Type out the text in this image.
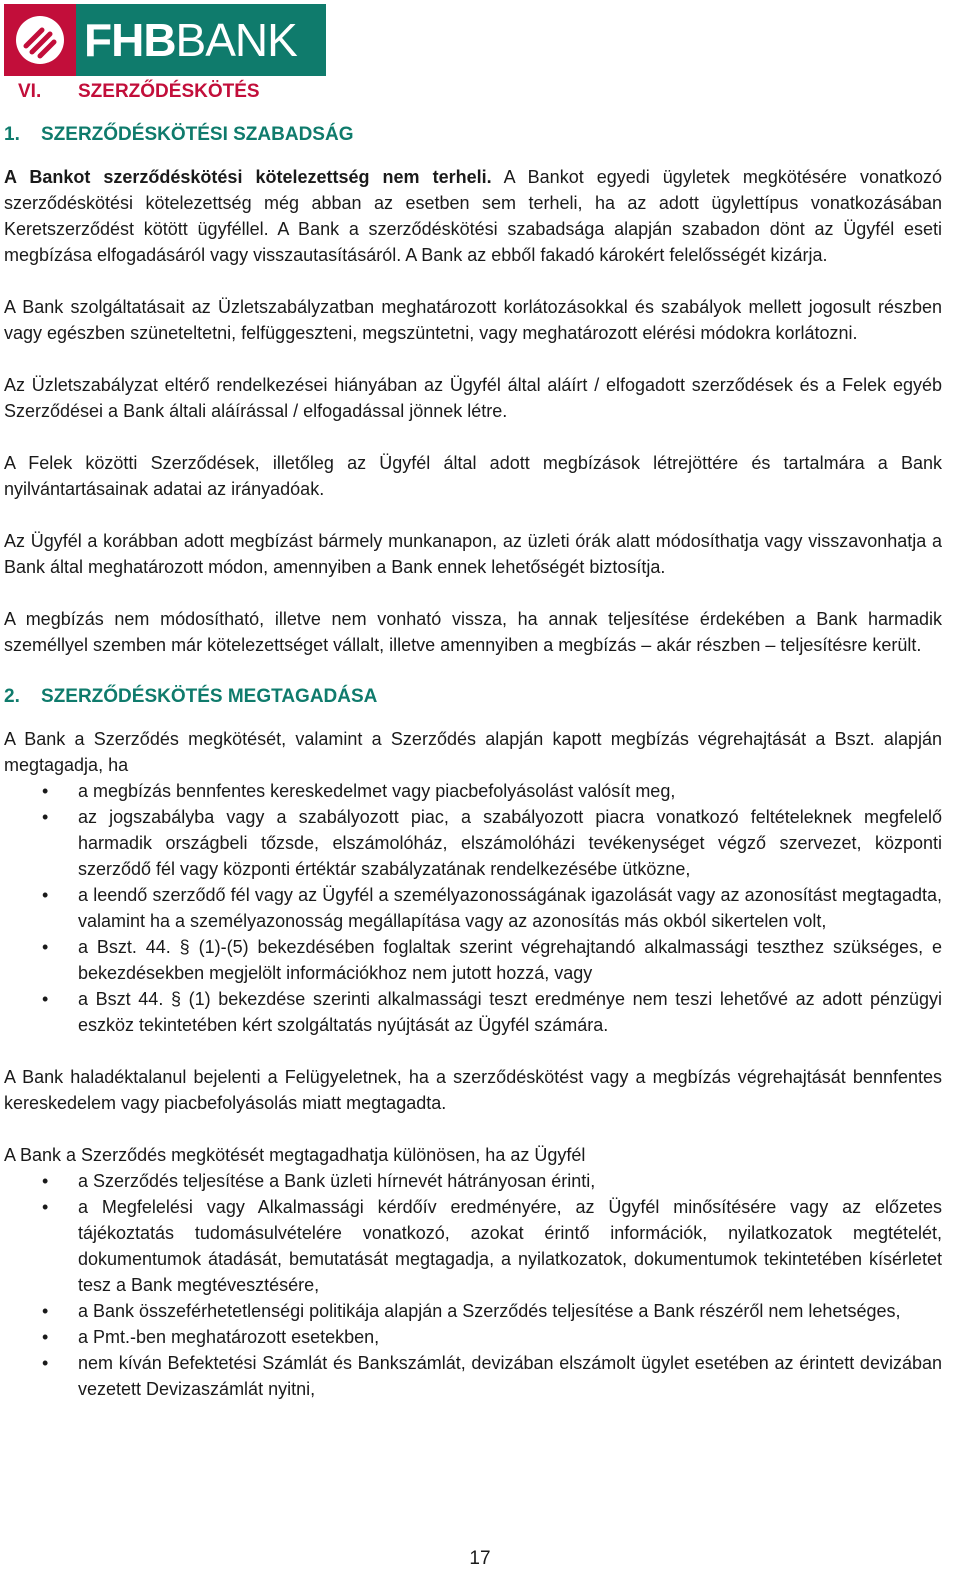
FHBBANK
VI.	SZERZŐDÉSKÖTÉS
1.	SZERZŐDÉSKÖTÉSI SZABADSÁG

A Bankot szerződéskötési kötelezettség nem terheli. A Bankot egyedi ügyletek megkötésére vonatkozó szerződéskötési kötelezettség még abban az esetben sem terheli, ha az adott ügylettípus vonatkozásában Keretszerződést kötött ügyféllel. A Bank a szerződéskötési szabadsága alapján szabadon dönt az Ügyfél eseti megbízása elfogadásáról vagy visszautasításáról. A Bank az ebből fakadó károkért felelősségét kizárja.

A Bank szolgáltatásait az Üzletszabályzatban meghatározott korlátozásokkal és szabályok mellett jogosult részben vagy egészben szüneteltetni, felfüggeszteni, megszüntetni, vagy meghatározott elérési módokra korlátozni.

Az Üzletszabályzat eltérő rendelkezései hiányában az Ügyfél által aláírt / elfogadott szerződések és a Felek egyéb Szerződései a Bank általi aláírással / elfogadással jönnek létre.

A Felek közötti Szerződések, illetőleg az Ügyfél által adott megbízások létrejöttére és tartalmára a Bank nyilvántartásainak adatai az irányadóak.

Az Ügyfél a korábban adott megbízást bármely munkanapon, az üzleti órák alatt módosíthatja vagy visszavonhatja a Bank által meghatározott módon, amennyiben a Bank ennek lehetőségét biztosítja.

A megbízás nem módosítható, illetve nem vonható vissza, ha annak teljesítése érdekében a Bank harmadik személlyel szemben már kötelezettséget vállalt, illetve amennyiben a megbízás – akár részben – teljesítésre került.

2.	SZERZŐDÉSKÖTÉS MEGTAGADÁSA

A Bank a Szerződés megkötését, valamint a Szerződés alapján kapott megbízás végrehajtását a Bszt. alapján megtagadja, ha

• a megbízás bennfentes kereskedelmet vagy piacbefolyásolást valósít meg,
• az jogszabályba vagy a szabályozott piac, a szabályozott piacra vonatkozó feltételeknek megfelelő harmadik országbeli tőzsde, elszámolóház, elszámolóházi tevékenységet végző szervezet, központi szerződő fél vagy központi értéktár szabályzatának rendelkezésébe ütközne,
• a leendő szerződő fél vagy az Ügyfél a személyazonosságának igazolását vagy az azonosítást megtagadta, valamint ha a személyazonosság megállapítása vagy az azonosítás más okból sikertelen volt,
• a Bszt. 44. § (1)-(5) bekezdésében foglaltak szerint végrehajtandó alkalmassági teszthez szükséges, e bekezdésekben megjelölt információkhoz nem jutott hozzá, vagy
• a Bszt 44. § (1) bekezdése szerinti alkalmassági teszt eredménye nem teszi lehetővé az adott pénzügyi eszköz tekintetében kért szolgáltatás nyújtását az Ügyfél számára.

A Bank haladéktalanul bejelenti a Felügyeletnek, ha a szerződéskötést vagy a megbízás végrehajtását bennfentes kereskedelem vagy piacbefolyásolás miatt megtagadta.

A Bank a Szerződés megkötését megtagadhatja különösen, ha az Ügyfél

• a Szerződés teljesítése a Bank üzleti hírnevét hátrányosan érinti,
• a Megfelelési vagy Alkalmassági kérdőív eredményére, az Ügyfél minősítésére vagy az előzetes tájékoztatás tudomásulvételére vonatkozó, azokat érintő információk, nyilatkozatok megtételét, dokumentumok átadását, bemutatását megtagadja, a nyilatkozatok, dokumentumok tekintetében kísérletet tesz a Bank megtévesztésére,
• a Bank összeférhetetlenségi politikája alapján a Szerződés teljesítése a Bank részéről nem lehetséges,
• a Pmt.-ben meghatározott esetekben,
• nem kíván Befektetési Számlát és Bankszámlát, devizában elszámolt ügylet esetében az érintett devizában vezetett Devizaszámlát nyitni,
17
